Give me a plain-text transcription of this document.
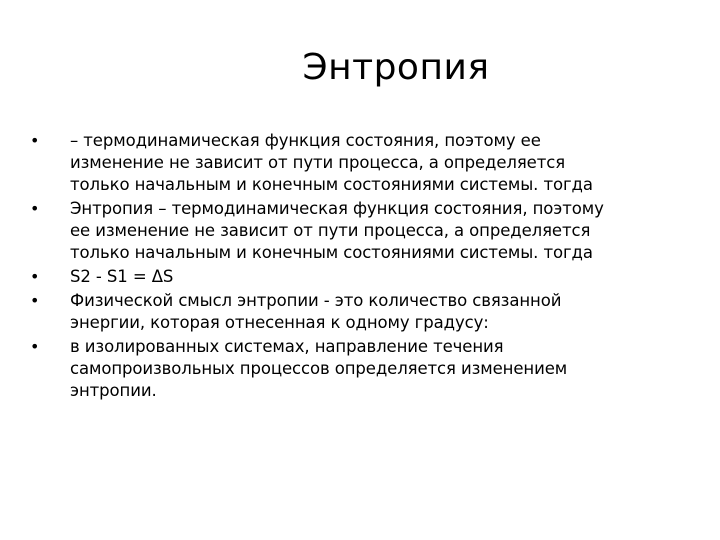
Энтропия
• – термодинамическая функция состояния, поэтому ее
изменение не зависит от пути процесса, а определяется
только начальным и конечным состояниями системы. тогда
• Энтропия – термодинамическая функция состояния, поэтому
ее изменение не зависит от пути процесса, а определяется
только начальным и конечным состояниями системы. тогда
• S2 - S1 = ΔS
• Физической смысл энтропии - это количество связанной
энергии, которая отнесенная к одному градусу:
• в изолированных системах, направление течения
самопроизвольных процессов определяется изменением
энтропии.
